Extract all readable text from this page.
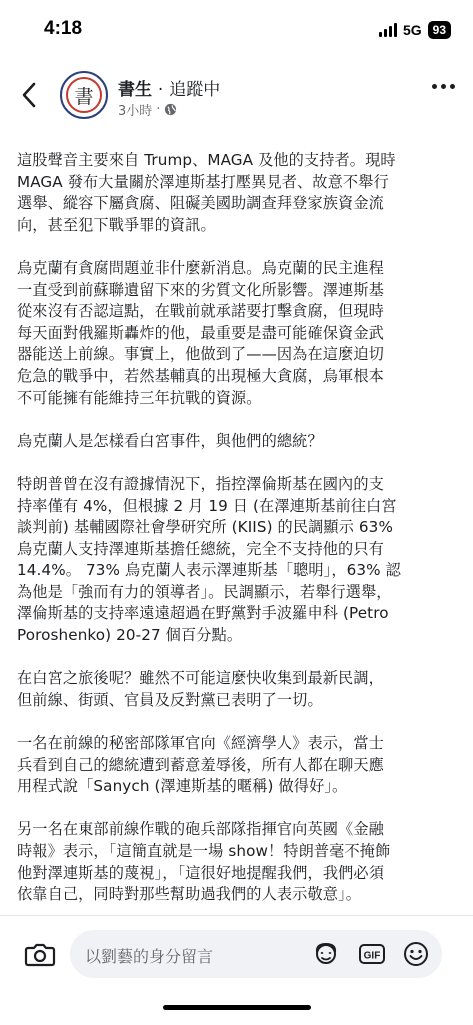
4:18	5G 93
書	書生 · 追蹤中
3小時 ·

這股聲音主要來自 Trump、MAGA 及他的支持者。現時
MAGA 發布大量關於澤連斯基打壓異見者、故意不舉行
選舉、縱容下屬貪腐、阻礙美國助調查拜登家族資金流
向，甚至犯下戰爭罪的資訊。

烏克蘭有貪腐問題並非什麼新消息。烏克蘭的民主進程
一直受到前蘇聯遺留下來的劣質文化所影響。澤連斯基
從來沒有否認這點，在戰前就承諾要打擊貪腐，但現時
每天面對俄羅斯轟炸的他，最重要是盡可能確保資金武
器能送上前線。事實上，他做到了——因為在這麼迫切
危急的戰爭中，若然基輔真的出現極大貪腐，烏軍根本
不可能擁有能維持三年抗戰的資源。

烏克蘭人是怎樣看白宮事件，與他們的總統？

特朗普曾在沒有證據情況下，指控澤倫斯基在國內的支
持率僅有 4%，但根據 2 月 19 日 (在澤連斯基前往白宮
談判前) 基輔國際社會學研究所 (KIIS) 的民調顯示 63%
烏克蘭人支持澤連斯基擔任總統，完全不支持他的只有
14.4%。 73% 烏克蘭人表示澤連斯基「聰明」，63% 認
為他是「強而有力的領導者」。民調顯示，若舉行選舉，
澤倫斯基的支持率遠遠超過在野黨對手波羅申科 (Petro
Poroshenko) 20-27 個百分點。

在白宮之旅後呢？雖然不可能這麼快收集到最新民調，
但前線、街頭、官員及反對黨已表明了一切。

一名在前線的秘密部隊軍官向《經濟學人》表示，當士
兵看到自己的總統遭到蓄意羞辱後，所有人都在聊天應
用程式說「Sanych (澤連斯基的暱稱) 做得好」。

另一名在東部前線作戰的砲兵部隊指揮官向英國《金融
時報》表示，「這簡直就是一場 show！特朗普毫不掩飾
他對澤連斯基的蔑視」，「這很好地提醒我們，我們必須
依靠自己，同時對那些幫助過我們的人表示敬意」。

以劉藝的身分留言	GIF
